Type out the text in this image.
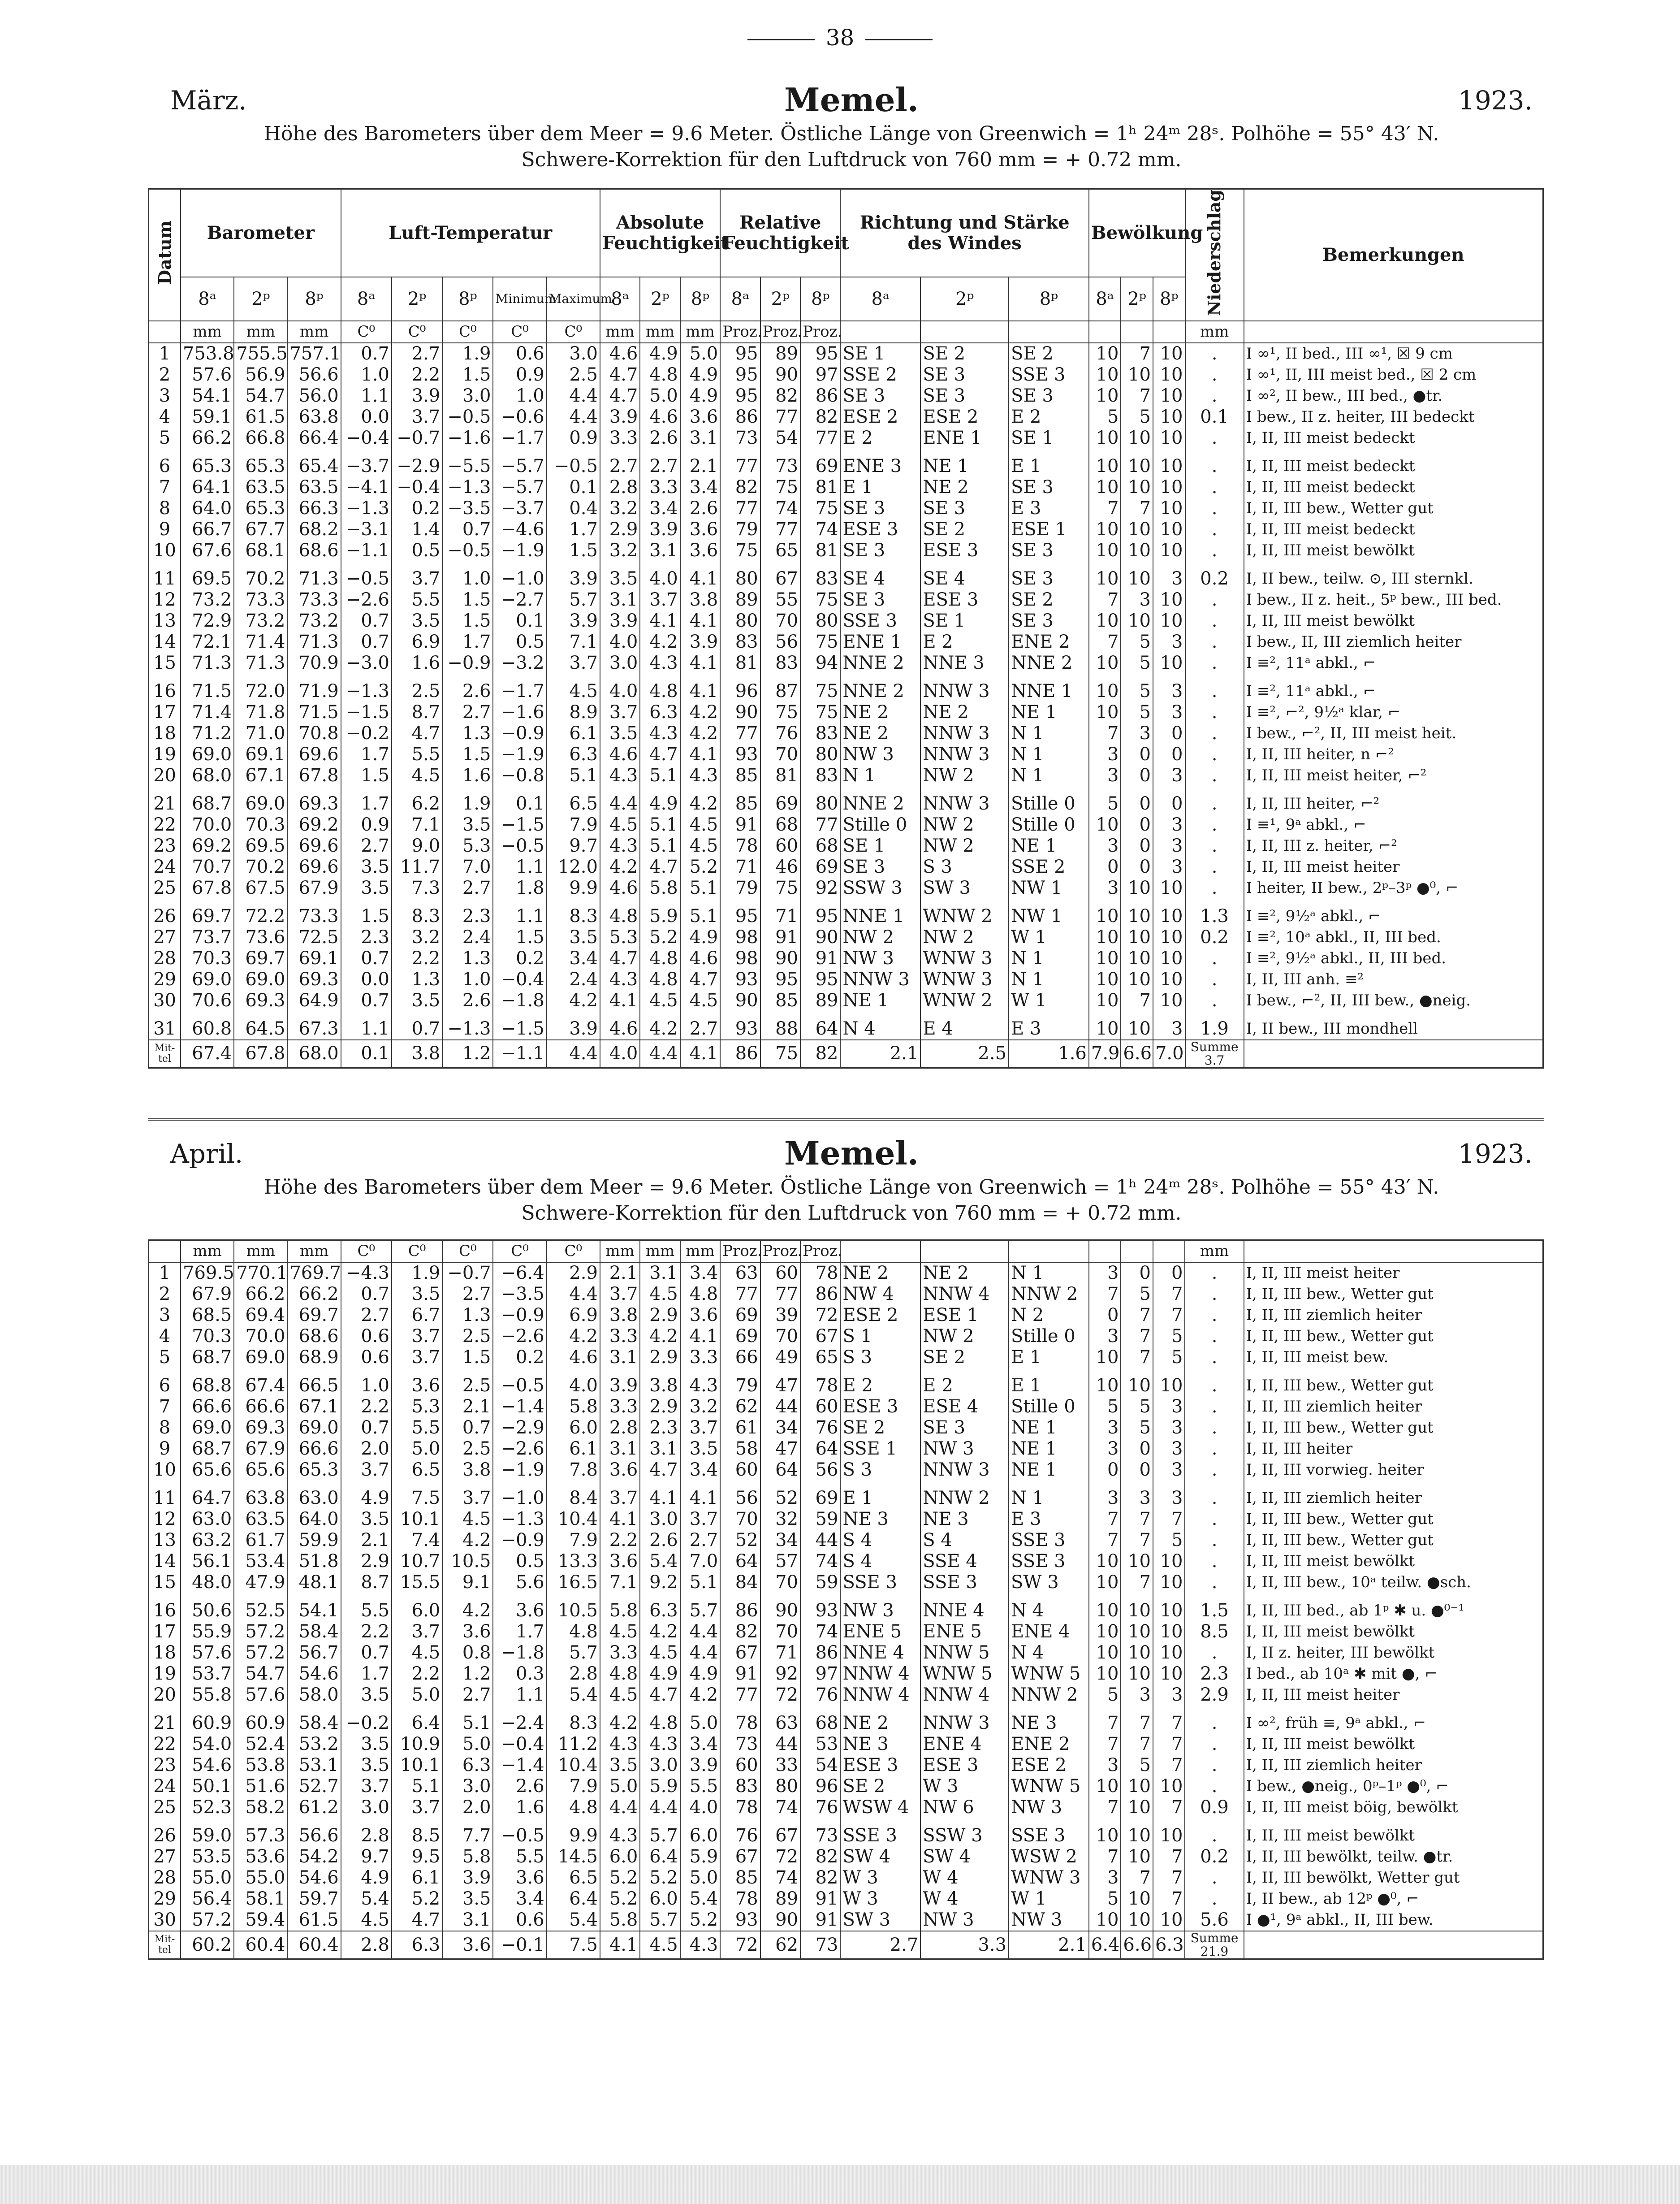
38
März.	Memel.	1923.
Höhe des Barometers über dem Meer = 9.6 Meter. Östliche Länge von Greenwich = 1ʰ 24ᵐ 28ˢ. Polhöhe = 55° 43′ N.
Schwere-Korrektion für den Luftdruck von 760 mm = + 0.72 mm.
Datum	Barometer			Luft-Temperatur					Absolute Feuchtigkeit			Relative Feuchtigkeit			Richtung und Stärke des Windes			Bewölkung			Niederschlag	Bemerkungen
	8ᵃ	2ᵖ	8ᵖ	8ᵃ	2ᵖ	8ᵖ	Minimum	Maximum	8ᵃ	2ᵖ	8ᵖ	8ᵃ	2ᵖ	8ᵖ	8ᵃ	2ᵖ	8ᵖ	8ᵃ	2ᵖ	8ᵖ		
	mm	mm	mm	C⁰	C⁰	C⁰	C⁰	C⁰	mm	mm	mm	Proz.	Proz.	Proz.							mm	
1	753.8	755.5	757.1	0.7	2.7	1.9	0.6	3.0	4.6	4.9	5.0	95	89	95	SE 1	SE 2	SE 2	10	7	10	.	I ∞¹, II bed., III ∞¹, ☒ 9 cm
2	57.6	56.9	56.6	1.0	2.2	1.5	0.9	2.5	4.7	4.8	4.9	95	90	97	SSE 2	SE 3	SSE 3	10	10	10	.	I ∞¹, II, III meist bed., ☒ 2 cm
3	54.1	54.7	56.0	1.1	3.9	3.0	1.0	4.4	4.7	5.0	4.9	95	82	86	SE 3	SE 3	SE 3	10	7	10	.	I ∞², II bew., III bed., ●tr.
4	59.1	61.5	63.8	0.0	3.7	−0.5	−0.6	4.4	3.9	4.6	3.6	86	77	82	ESE 2	ESE 2	E 2	5	5	10	0.1	I bew., II z. heiter, III bedeckt
5	66.2	66.8	66.4	−0.4	−0.7	−1.6	−1.7	0.9	3.3	2.6	3.1	73	54	77	E 2	ENE 1	SE 1	10	10	10	.	I, II, III meist bedeckt

6	65.3	65.3	65.4	−3.7	−2.9	−5.5	−5.7	−0.5	2.7	2.7	2.1	77	73	69	ENE 3	NE 1	E 1	10	10	10	.	I, II, III meist bedeckt
7	64.1	63.5	63.5	−4.1	−0.4	−1.3	−5.7	0.1	2.8	3.3	3.4	82	75	81	E 1	NE 2	SE 3	10	10	10	.	I, II, III meist bedeckt
8	64.0	65.3	66.3	−1.3	0.2	−3.5	−3.7	0.4	3.2	3.4	2.6	77	74	75	SE 3	SE 3	E 3	7	7	10	.	I, II, III bew., Wetter gut
9	66.7	67.7	68.2	−3.1	1.4	0.7	−4.6	1.7	2.9	3.9	3.6	79	77	74	ESE 3	SE 2	ESE 1	10	10	10	.	I, II, III meist bedeckt
10	67.6	68.1	68.6	−1.1	0.5	−0.5	−1.9	1.5	3.2	3.1	3.6	75	65	81	SE 3	ESE 3	SE 3	10	10	10	.	I, II, III meist bewölkt

11	69.5	70.2	71.3	−0.5	3.7	1.0	−1.0	3.9	3.5	4.0	4.1	80	67	83	SE 4	SE 4	SE 3	10	10	3	0.2	I, II bew., teilw. ⊙, III sternkl.
12	73.2	73.3	73.3	−2.6	5.5	1.5	−2.7	5.7	3.1	3.7	3.8	89	55	75	SE 3	ESE 3	SE 2	7	3	10	.	I bew., II z. heit., 5ᵖ bew., III bed.
13	72.9	73.2	73.2	0.7	3.5	1.5	0.1	3.9	3.9	4.1	4.1	80	70	80	SSE 3	SE 1	SE 3	10	10	10	.	I, II, III meist bewölkt
14	72.1	71.4	71.3	0.7	6.9	1.7	0.5	7.1	4.0	4.2	3.9	83	56	75	ENE 1	E 2	ENE 2	7	5	3	.	I bew., II, III ziemlich heiter
15	71.3	71.3	70.9	−3.0	1.6	−0.9	−3.2	3.7	3.0	4.3	4.1	81	83	94	NNE 2	NNE 3	NNE 2	10	5	10	.	I ≡², 11ᵃ abkl., ⌐

16	71.5	72.0	71.9	−1.3	2.5	2.6	−1.7	4.5	4.0	4.8	4.1	96	87	75	NNE 2	NNW 3	NNE 1	10	5	3	.	I ≡², 11ᵃ abkl., ⌐
17	71.4	71.8	71.5	−1.5	8.7	2.7	−1.6	8.9	3.7	6.3	4.2	90	75	75	NE 2	NE 2	NE 1	10	5	3	.	I ≡², ⌐², 9½ᵃ klar, ⌐
18	71.2	71.0	70.8	−0.2	4.7	1.3	−0.9	6.1	3.5	4.3	4.2	77	76	83	NE 2	NNW 3	N 1	7	3	0	.	I bew., ⌐², II, III meist heit.
19	69.0	69.1	69.6	1.7	5.5	1.5	−1.9	6.3	4.6	4.7	4.1	93	70	80	NW 3	NNW 3	N 1	3	0	0	.	I, II, III heiter, n ⌐²
20	68.0	67.1	67.8	1.5	4.5	1.6	−0.8	5.1	4.3	5.1	4.3	85	81	83	N 1	NW 2	N 1	3	0	3	.	I, II, III meist heiter, ⌐²

21	68.7	69.0	69.3	1.7	6.2	1.9	0.1	6.5	4.4	4.9	4.2	85	69	80	NNE 2	NNW 3	Stille 0	5	0	0	.	I, II, III heiter, ⌐²
22	70.0	70.3	69.2	0.9	7.1	3.5	−1.5	7.9	4.5	5.1	4.5	91	68	77	Stille 0	NW 2	Stille 0	10	0	3	.	I ≡¹, 9ᵃ abkl., ⌐
23	69.2	69.5	69.6	2.7	9.0	5.3	−0.5	9.7	4.3	5.1	4.5	78	60	68	SE 1	NW 2	NE 1	3	0	3	.	I, II, III z. heiter, ⌐²
24	70.7	70.2	69.6	3.5	11.7	7.0	1.1	12.0	4.2	4.7	5.2	71	46	69	SE 3	S 3	SSE 2	0	0	3	.	I, II, III meist heiter
25	67.8	67.5	67.9	3.5	7.3	2.7	1.8	9.9	4.6	5.8	5.1	79	75	92	SSW 3	SW 3	NW 1	3	10	10	.	I heiter, II bew., 2ᵖ–3ᵖ ●⁰, ⌐

26	69.7	72.2	73.3	1.5	8.3	2.3	1.1	8.3	4.8	5.9	5.1	95	71	95	NNE 1	WNW 2	NW 1	10	10	10	1.3	I ≡², 9½ᵃ abkl., ⌐
27	73.7	73.6	72.5	2.3	3.2	2.4	1.5	3.5	5.3	5.2	4.9	98	91	90	NW 2	NW 2	W 1	10	10	10	0.2	I ≡², 10ᵃ abkl., II, III bed.
28	70.3	69.7	69.1	0.7	2.2	1.3	0.2	3.4	4.7	4.8	4.6	98	90	91	NW 3	WNW 3	N 1	10	10	10	.	I ≡², 9½ᵃ abkl., II, III bed.
29	69.0	69.0	69.3	0.0	1.3	1.0	−0.4	2.4	4.3	4.8	4.7	93	95	95	NNW 3	WNW 3	N 1	10	10	10	.	I, II, III anh. ≡²
30	70.6	69.3	64.9	0.7	3.5	2.6	−1.8	4.2	4.1	4.5	4.5	90	85	89	NE 1	WNW 2	W 1	10	7	10	.	I bew., ⌐², II, III bew., ●neig.

31	60.8	64.5	67.3	1.1	0.7	−1.3	−1.5	3.9	4.6	4.2	2.7	93	88	64	N 4	E 4	E 3	10	10	3	1.9	I, II bew., III mondhell
Mit-tel	67.4	67.8	68.0	0.1	3.8	1.2	−1.1	4.4	4.0	4.4	4.1	86	75	82	2.1	2.5	1.6	7.9	6.6	7.0	Summe 3.7	
April.	Memel.	1923.
Höhe des Barometers über dem Meer = 9.6 Meter. Östliche Länge von Greenwich = 1ʰ 24ᵐ 28ˢ. Polhöhe = 55° 43′ N.
Schwere-Korrektion für den Luftdruck von 760 mm = + 0.72 mm.
	mm	mm	mm	C⁰	C⁰	C⁰	C⁰	C⁰	mm	mm	mm	Proz.	Proz.	Proz.							mm	
1	769.5	770.1	769.7	−4.3	1.9	−0.7	−6.4	2.9	2.1	3.1	3.4	63	60	78	NE 2	NE 2	N 1	3	0	0	.	I, II, III meist heiter
2	67.9	66.2	66.2	0.7	3.5	2.7	−3.5	4.4	3.7	4.5	4.8	77	77	86	NW 4	NNW 4	NNW 2	7	5	7	.	I, II, III bew., Wetter gut
3	68.5	69.4	69.7	2.7	6.7	1.3	−0.9	6.9	3.8	2.9	3.6	69	39	72	ESE 2	ESE 1	N 2	0	7	7	.	I, II, III ziemlich heiter
4	70.3	70.0	68.6	0.6	3.7	2.5	−2.6	4.2	3.3	4.2	4.1	69	70	67	S 1	NW 2	Stille 0	3	7	5	.	I, II, III bew., Wetter gut
5	68.7	69.0	68.9	0.6	3.7	1.5	0.2	4.6	3.1	2.9	3.3	66	49	65	S 3	SE 2	E 1	10	7	5	.	I, II, III meist bew.

6	68.8	67.4	66.5	1.0	3.6	2.5	−0.5	4.0	3.9	3.8	4.3	79	47	78	E 2	E 2	E 1	10	10	10	.	I, II, III bew., Wetter gut
7	66.6	66.6	67.1	2.2	5.3	2.1	−1.4	5.8	3.3	2.9	3.2	62	44	60	ESE 3	ESE 4	Stille 0	5	5	3	.	I, II, III ziemlich heiter
8	69.0	69.3	69.0	0.7	5.5	0.7	−2.9	6.0	2.8	2.3	3.7	61	34	76	SE 2	SE 3	NE 1	3	5	3	.	I, II, III bew., Wetter gut
9	68.7	67.9	66.6	2.0	5.0	2.5	−2.6	6.1	3.1	3.1	3.5	58	47	64	SSE 1	NW 3	NE 1	3	0	3	.	I, II, III heiter
10	65.6	65.6	65.3	3.7	6.5	3.8	−1.9	7.8	3.6	4.7	3.4	60	64	56	S 3	NNW 3	NE 1	0	0	3	.	I, II, III vorwieg. heiter

11	64.7	63.8	63.0	4.9	7.5	3.7	−1.0	8.4	3.7	4.1	4.1	56	52	69	E 1	NNW 2	N 1	3	3	3	.	I, II, III ziemlich heiter
12	63.0	63.5	64.0	3.5	10.1	4.5	−1.3	10.4	4.1	3.0	3.7	70	32	59	NE 3	NE 3	E 3	7	7	7	.	I, II, III bew., Wetter gut
13	63.2	61.7	59.9	2.1	7.4	4.2	−0.9	7.9	2.2	2.6	2.7	52	34	44	S 4	S 4	SSE 3	7	7	5	.	I, II, III bew., Wetter gut
14	56.1	53.4	51.8	2.9	10.7	10.5	0.5	13.3	3.6	5.4	7.0	64	57	74	S 4	SSE 4	SSE 3	10	10	10	.	I, II, III meist bewölkt
15	48.0	47.9	48.1	8.7	15.5	9.1	5.6	16.5	7.1	9.2	5.1	84	70	59	SSE 3	SSE 3	SW 3	10	7	10	.	I, II, III bew., 10ᵃ teilw. ●sch.

16	50.6	52.5	54.1	5.5	6.0	4.2	3.6	10.5	5.8	6.3	5.7	86	90	93	NW 3	NNE 4	N 4	10	10	10	1.5	I, II, III bed., ab 1ᵖ ✱ u. ●⁰⁻¹
17	55.9	57.2	58.4	2.2	3.7	3.6	1.7	4.8	4.5	4.2	4.4	82	70	74	ENE 5	ENE 5	ENE 4	10	10	10	8.5	I, II, III meist bewölkt
18	57.6	57.2	56.7	0.7	4.5	0.8	−1.8	5.7	3.3	4.5	4.4	67	71	86	NNE 4	NNW 5	N 4	10	10	10	.	I, II z. heiter, III bewölkt
19	53.7	54.7	54.6	1.7	2.2	1.2	0.3	2.8	4.8	4.9	4.9	91	92	97	NNW 4	WNW 5	WNW 5	10	10	10	2.3	I bed., ab 10ᵃ ✱ mit ●, ⌐
20	55.8	57.6	58.0	3.5	5.0	2.7	1.1	5.4	4.5	4.7	4.2	77	72	76	NNW 4	NNW 4	NNW 2	5	3	3	2.9	I, II, III meist heiter

21	60.9	60.9	58.4	−0.2	6.4	5.1	−2.4	8.3	4.2	4.8	5.0	78	63	68	NE 2	NNW 3	NE 3	7	7	7	.	I ∞², früh ≡, 9ᵃ abkl., ⌐
22	54.0	52.4	53.2	3.5	10.9	5.0	−0.4	11.2	4.3	4.3	3.4	73	44	53	NE 3	ENE 4	ENE 2	7	7	7	.	I, II, III meist bewölkt
23	54.6	53.8	53.1	3.5	10.1	6.3	−1.4	10.4	3.5	3.0	3.9	60	33	54	ESE 3	ESE 3	ESE 2	3	5	7	.	I, II, III ziemlich heiter
24	50.1	51.6	52.7	3.7	5.1	3.0	2.6	7.9	5.0	5.9	5.5	83	80	96	SE 2	W 3	WNW 5	10	10	10	.	I bew., ●neig., 0ᵖ–1ᵖ ●⁰, ⌐
25	52.3	58.2	61.2	3.0	3.7	2.0	1.6	4.8	4.4	4.4	4.0	78	74	76	WSW 4	NW 6	NW 3	7	10	7	0.9	I, II, III meist böig, bewölkt

26	59.0	57.3	56.6	2.8	8.5	7.7	−0.5	9.9	4.3	5.7	6.0	76	67	73	SSE 3	SSW 3	SSE 3	10	10	10	.	I, II, III meist bewölkt
27	53.5	53.6	54.2	9.7	9.5	5.8	5.5	14.5	6.0	6.4	5.9	67	72	82	SW 4	SW 4	WSW 2	7	10	7	0.2	I, II, III bewölkt, teilw. ●tr.
28	55.0	55.0	54.6	4.9	6.1	3.9	3.6	6.5	5.2	5.2	5.0	85	74	82	W 3	W 4	WNW 3	3	7	7	.	I, II, III bewölkt, Wetter gut
29	56.4	58.1	59.7	5.4	5.2	3.5	3.4	6.4	5.2	6.0	5.4	78	89	91	W 3	W 4	W 1	5	10	7	.	I, II bew., ab 12ᵖ ●⁰, ⌐
30	57.2	59.4	61.5	4.5	4.7	3.1	0.6	5.4	5.8	5.7	5.2	93	90	91	SW 3	NW 3	NW 3	10	10	10	5.6	I ●¹, 9ᵃ abkl., II, III bew.
Mit-tel	60.2	60.4	60.4	2.8	6.3	3.6	−0.1	7.5	4.1	4.5	4.3	72	62	73	2.7	3.3	2.1	6.4	6.6	6.3	Summe 21.9	
